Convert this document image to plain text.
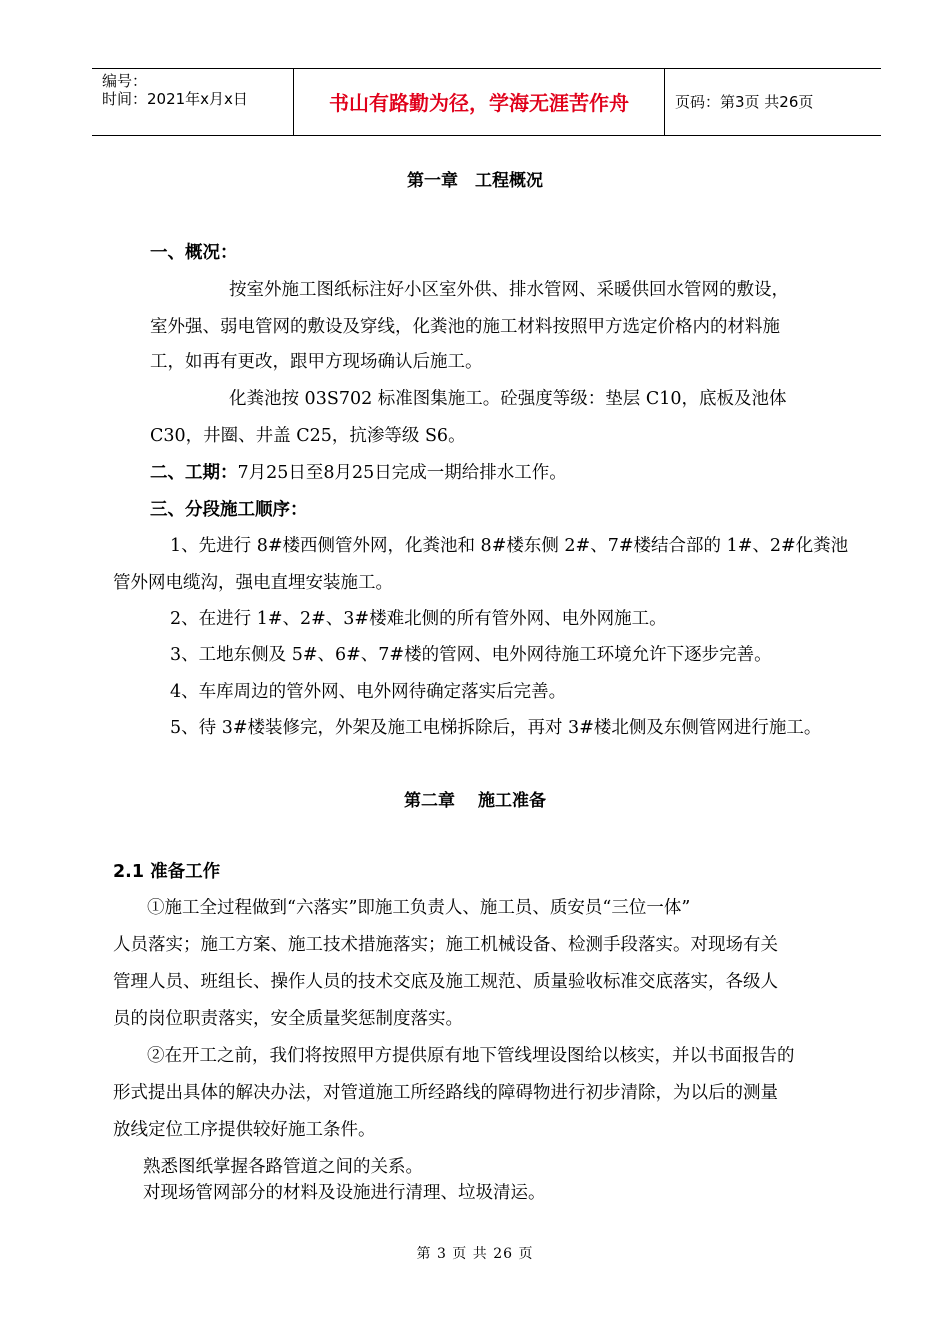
编号：
时间：2021年x月x日	书山有路勤为径，学海无涯苦作舟	页码：第3页 共26页
第一章　工程概况
一、概况：
按室外施工图纸标注好小区室外供、排水管网、采暖供回水管网的敷设，
室外强、弱电管网的敷设及穿线，化粪池的施工材料按照甲方选定价格内的材料施
工，如再有更改，跟甲方现场确认后施工。
化粪池按 03S702 标准图集施工。砼强度等级：垫层 C10，底板及池体
C30，井圈、井盖 C25，抗渗等级 S6。
二、工期：7月25日至8月25日完成一期给排水工作。
三、分段施工顺序：
1、先进行 8#楼西侧管外网，化粪池和 8#楼东侧 2#、7#楼结合部的 1#、2#化粪池
管外网电缆沟，强电直埋安装施工。
2、在进行 1#、2#、3#楼难北侧的所有管外网、电外网施工。
3、工地东侧及 5#、6#、7#楼的管网、电外网待施工环境允许下逐步完善。
4、车库周边的管外网、电外网待确定落实后完善。
5、待 3#楼装修完，外架及施工电梯拆除后，再对 3#楼北侧及东侧管网进行施工。
第二章　 施工准备
2.1 准备工作
①施工全过程做到“六落实”即施工负责人、施工员、质安员“三位一体”
人员落实；施工方案、施工技术措施落实；施工机械设备、检测手段落实。对现场有关
管理人员、班组长、操作人员的技术交底及施工规范、质量验收标准交底落实，各级人
员的岗位职责落实，安全质量奖惩制度落实。
②在开工之前，我们将按照甲方提供原有地下管线埋设图给以核实，并以书面报告的
形式提出具体的解决办法，对管道施工所经路线的障碍物进行初步清除，为以后的测量
放线定位工序提供较好施工条件。
熟悉图纸掌握各路管道之间的关系。
对现场管网部分的材料及设施进行清理、垃圾清运。
第 3 页 共 26 页
